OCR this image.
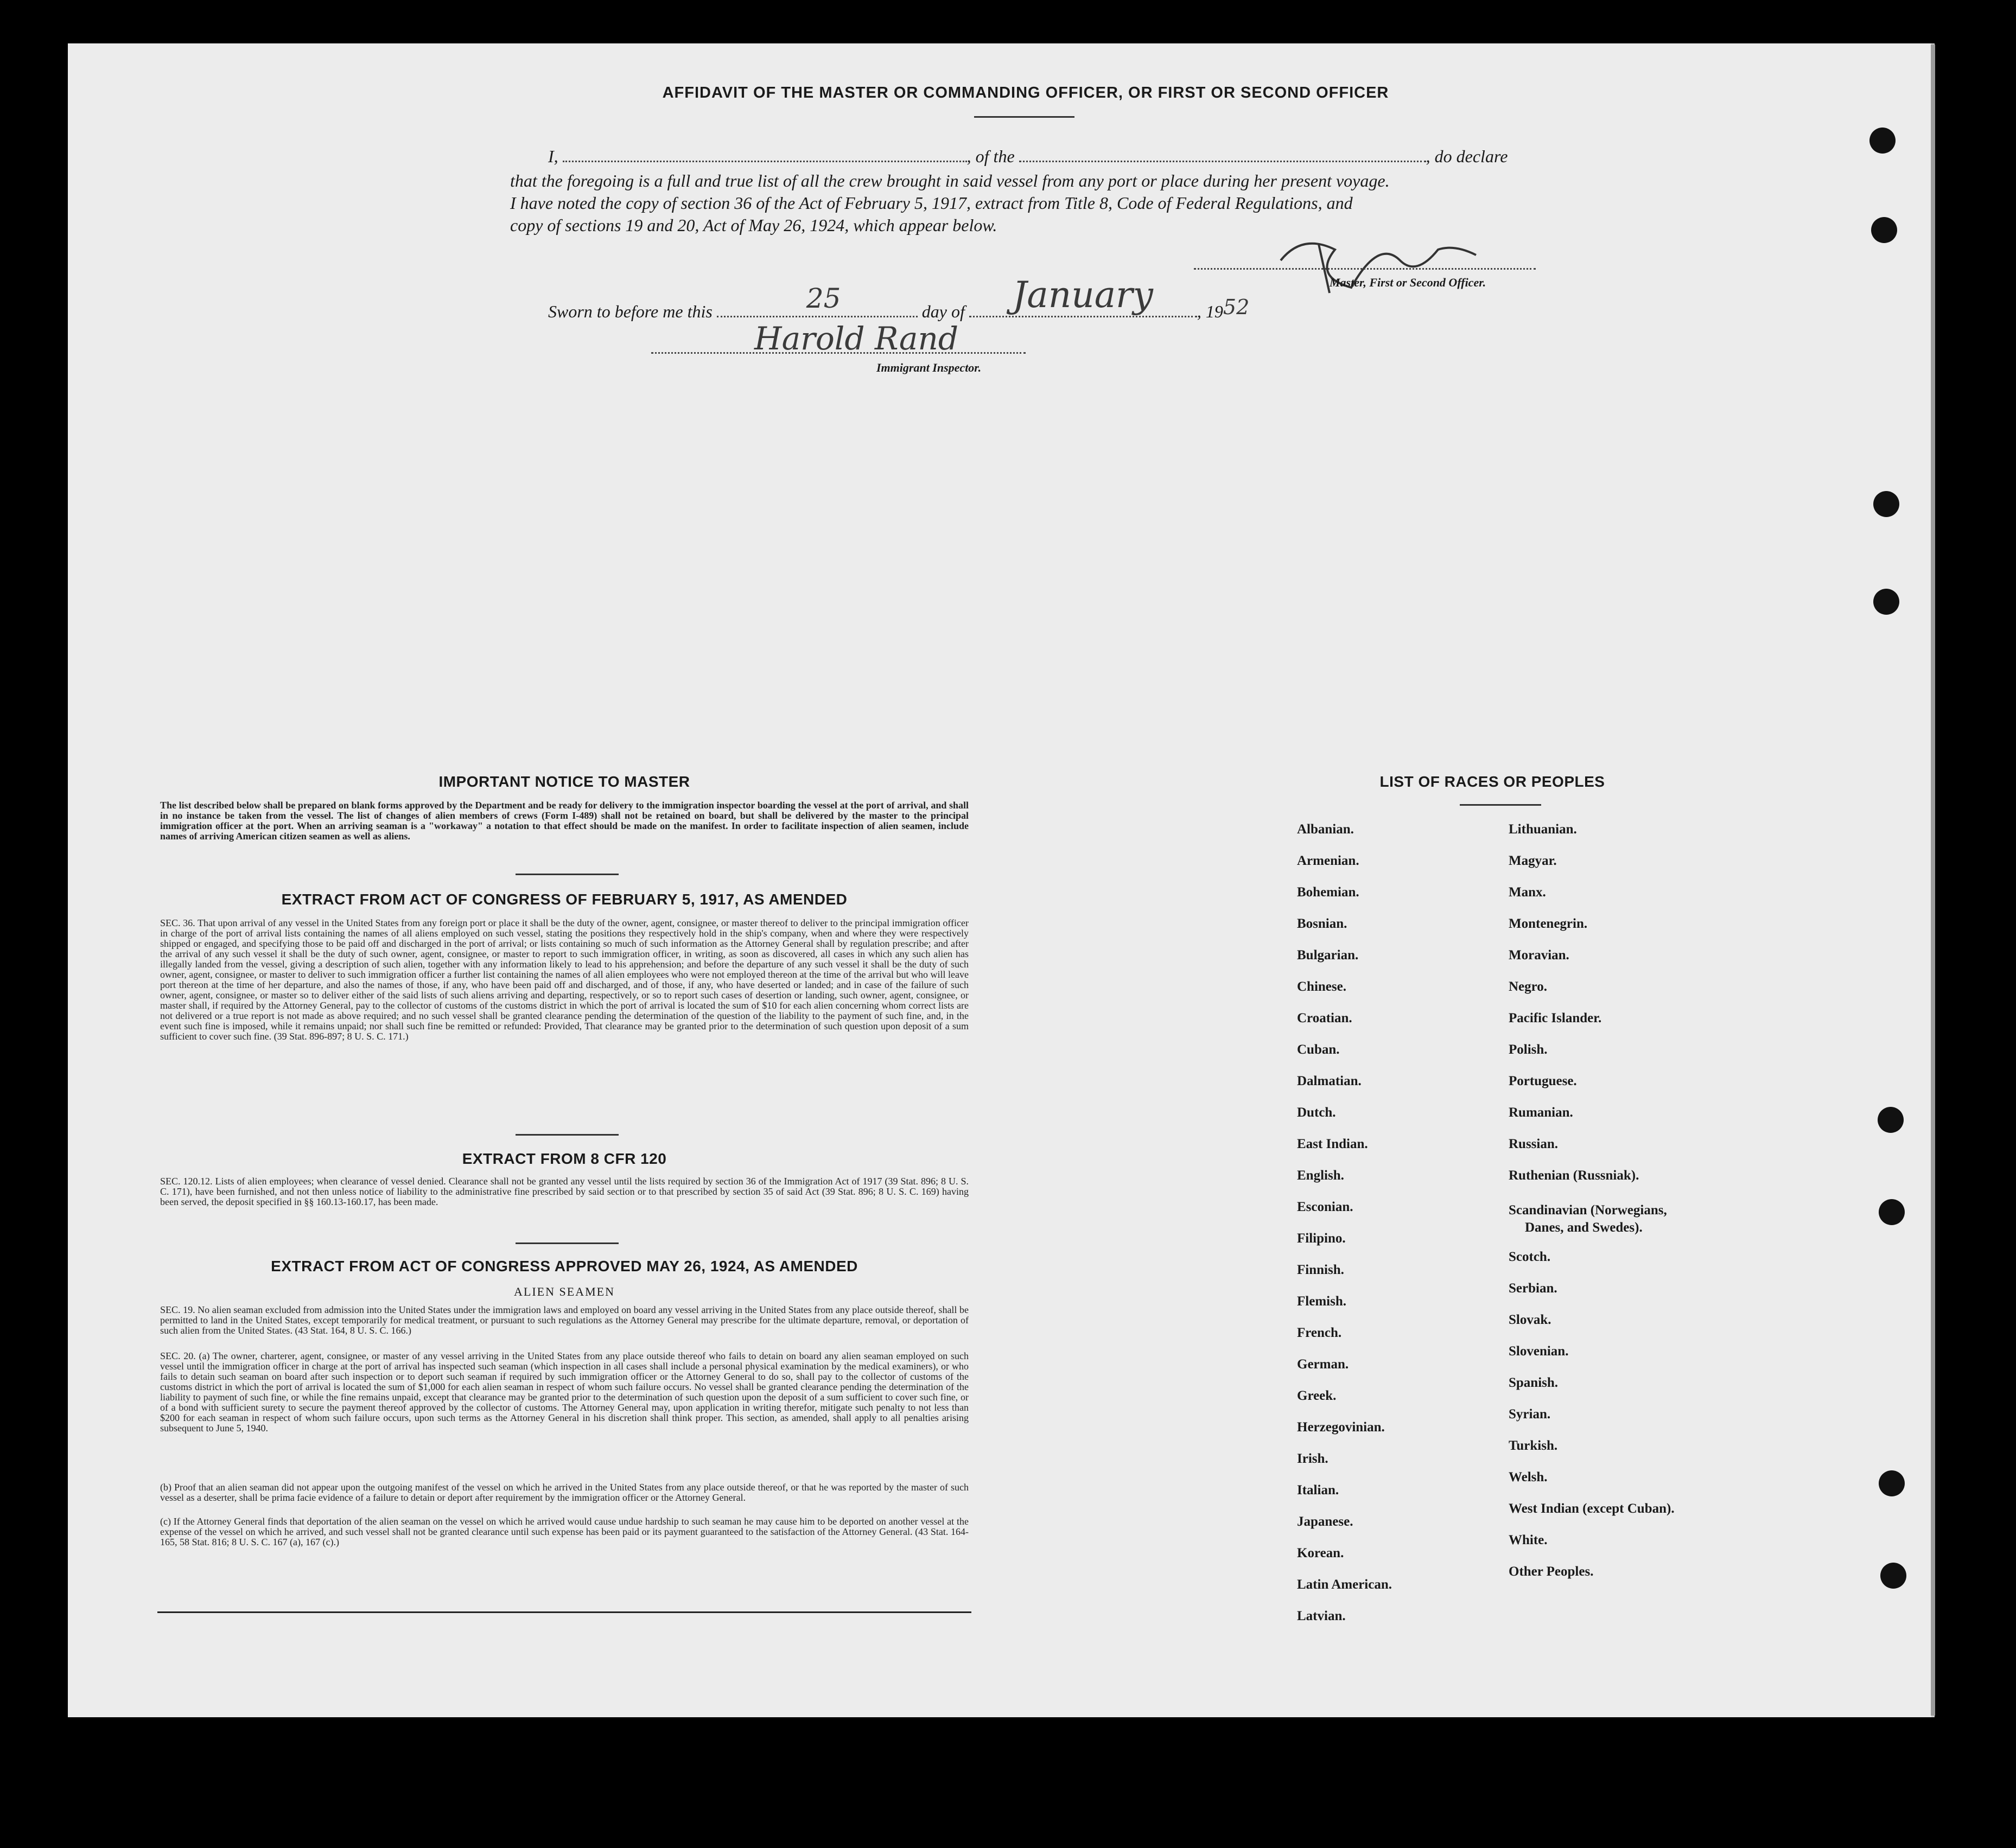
AFFIDAVIT OF THE MASTER OR COMMANDING OFFICER, OR FIRST OR SECOND OFFICER
I,	, of the	, do declare
that the foregoing is a full and true list of all the crew brought in said vessel from any port or place during her present voyage.
I have noted the copy of section 36 of the Act of February 5, 1917, extract from Title 8, Code of Federal Regulations, and
copy of sections 19 and 20, Act of May 26, 1924, which appear below.
Master, First or Second Officer.
Sworn to before me this	25	day of January	, 1952
Harold Rand
Immigrant Inspector.
IMPORTANT NOTICE TO MASTER
The list described below shall be prepared on blank forms approved by the Department and be ready for delivery to the immigration inspector boarding the vessel at the port of arrival, and shall in no instance be taken from the vessel. The list of changes of alien members of crews (Form I-489) shall not be retained on board, but shall be delivered by the master to the principal immigration officer at the port. When an arriving seaman is a "workaway" a notation to that effect should be made on the manifest. In order to facilitate inspection of alien seamen, include names of arriving American citizen seamen as well as aliens.
EXTRACT FROM ACT OF CONGRESS OF FEBRUARY 5, 1917, AS AMENDED
SEC. 36. That upon arrival of any vessel in the United States from any foreign port or place it shall be the duty of the owner, agent, consignee, or master thereof to deliver to the principal immigration officer in charge of the port of arrival lists containing the names of all aliens employed on such vessel, stating the positions they respectively hold in the ship's company, when and where they were respectively shipped or engaged, and specifying those to be paid off and discharged in the port of arrival; or lists containing so much of such information as the Attorney General shall by regulation prescribe; and after the arrival of any such vessel it shall be the duty of such owner, agent, consignee, or master to report to such immigration officer, in writing, as soon as discovered, all cases in which any such alien has illegally landed from the vessel, giving a description of such alien, together with any information likely to lead to his apprehension; and before the departure of any such vessel it shall be the duty of such owner, agent, consignee, or master to deliver to such immigration officer a further list containing the names of all alien employees who were not employed thereon at the time of the arrival but who will leave port thereon at the time of her departure, and also the names of those, if any, who have been paid off and discharged, and of those, if any, who have deserted or landed; and in case of the failure of such owner, agent, consignee, or master so to deliver either of the said lists of such aliens arriving and departing, respectively, or so to report such cases of desertion or landing, such owner, agent, consignee, or master shall, if required by the Attorney General, pay to the collector of customs of the customs district in which the port of arrival is located the sum of $10 for each alien concerning whom correct lists are not delivered or a true report is not made as above required; and no such vessel shall be granted clearance pending the determination of the question of the liability to the payment of such fine, and, in the event such fine is imposed, while it remains unpaid; nor shall such fine be remitted or refunded: Provided, That clearance may be granted prior to the determination of such question upon deposit of a sum sufficient to cover such fine. (39 Stat. 896-897; 8 U. S. C. 171.)
EXTRACT FROM 8 CFR 120
SEC. 120.12. Lists of alien employees; when clearance of vessel denied. Clearance shall not be granted any vessel until the lists required by section 36 of the Immigration Act of 1917 (39 Stat. 896; 8 U. S. C. 171), have been furnished, and not then unless notice of liability to the administrative fine prescribed by said section or to that prescribed by section 35 of said Act (39 Stat. 896; 8 U. S. C. 169) having been served, the deposit specified in §§ 160.13-160.17, has been made.
EXTRACT FROM ACT OF CONGRESS APPROVED MAY 26, 1924, AS AMENDED
ALIEN SEAMEN
SEC. 19. No alien seaman excluded from admission into the United States under the immigration laws and employed on board any vessel arriving in the United States from any place outside thereof, shall be permitted to land in the United States, except temporarily for medical treatment, or pursuant to such regulations as the Attorney General may prescribe for the ultimate departure, removal, or deportation of such alien from the United States. (43 Stat. 164, 8 U. S. C. 166.)
SEC. 20. (a) The owner, charterer, agent, consignee, or master of any vessel arriving in the United States from any place outside thereof who fails to detain on board any alien seaman employed on such vessel until the immigration officer in charge at the port of arrival has inspected such seaman (which inspection in all cases shall include a personal physical examination by the medical examiners), or who fails to detain such seaman on board after such inspection or to deport such seaman if required by such immigration officer or the Attorney General to do so, shall pay to the collector of customs of the customs district in which the port of arrival is located the sum of $1,000 for each alien seaman in respect of whom such failure occurs. No vessel shall be granted clearance pending the determination of the liability to payment of such fine, or while the fine remains unpaid, except that clearance may be granted prior to the determination of such question upon the deposit of a sum sufficient to cover such fine, or of a bond with sufficient surety to secure the payment thereof approved by the collector of customs. The Attorney General may, upon application in writing therefor, mitigate such penalty to not less than $200 for each seaman in respect of whom such failure occurs, upon such terms as the Attorney General in his discretion shall think proper. This section, as amended, shall apply to all penalties arising subsequent to June 5, 1940.
(b) Proof that an alien seaman did not appear upon the outgoing manifest of the vessel on which he arrived in the United States from any place outside thereof, or that he was reported by the master of such vessel as a deserter, shall be prima facie evidence of a failure to detain or deport after requirement by the immigration officer or the Attorney General.
(c) If the Attorney General finds that deportation of the alien seaman on the vessel on which he arrived would cause undue hardship to such seaman he may cause him to be deported on another vessel at the expense of the vessel on which he arrived, and such vessel shall not be granted clearance until such expense has been paid or its payment guaranteed to the satisfaction of the Attorney General. (43 Stat. 164-165, 58 Stat. 816; 8 U. S. C. 167 (a), 167 (c).)
LIST OF RACES OR PEOPLES
Albanian.
Armenian.
Bohemian.
Bosnian.
Bulgarian.
Chinese.
Croatian.
Cuban.
Dalmatian.
Dutch.
East Indian.
English.
Esconian.
Filipino.
Finnish.
Flemish.
French.
German.
Greek.
Herzegovinian.
Irish.
Italian.
Japanese.
Korean.
Latin American.
Latvian.
Lithuanian.
Magyar.
Manx.
Montenegrin.
Moravian.
Negro.
Pacific Islander.
Polish.
Portuguese.
Rumanian.
Russian.
Ruthenian (Russniak).
Scandinavian (Norwegians,
Danes, and Swedes).
Scotch.
Serbian.
Slovak.
Slovenian.
Spanish.
Syrian.
Turkish.
Welsh.
West Indian (except Cuban).
White.
Other Peoples.
